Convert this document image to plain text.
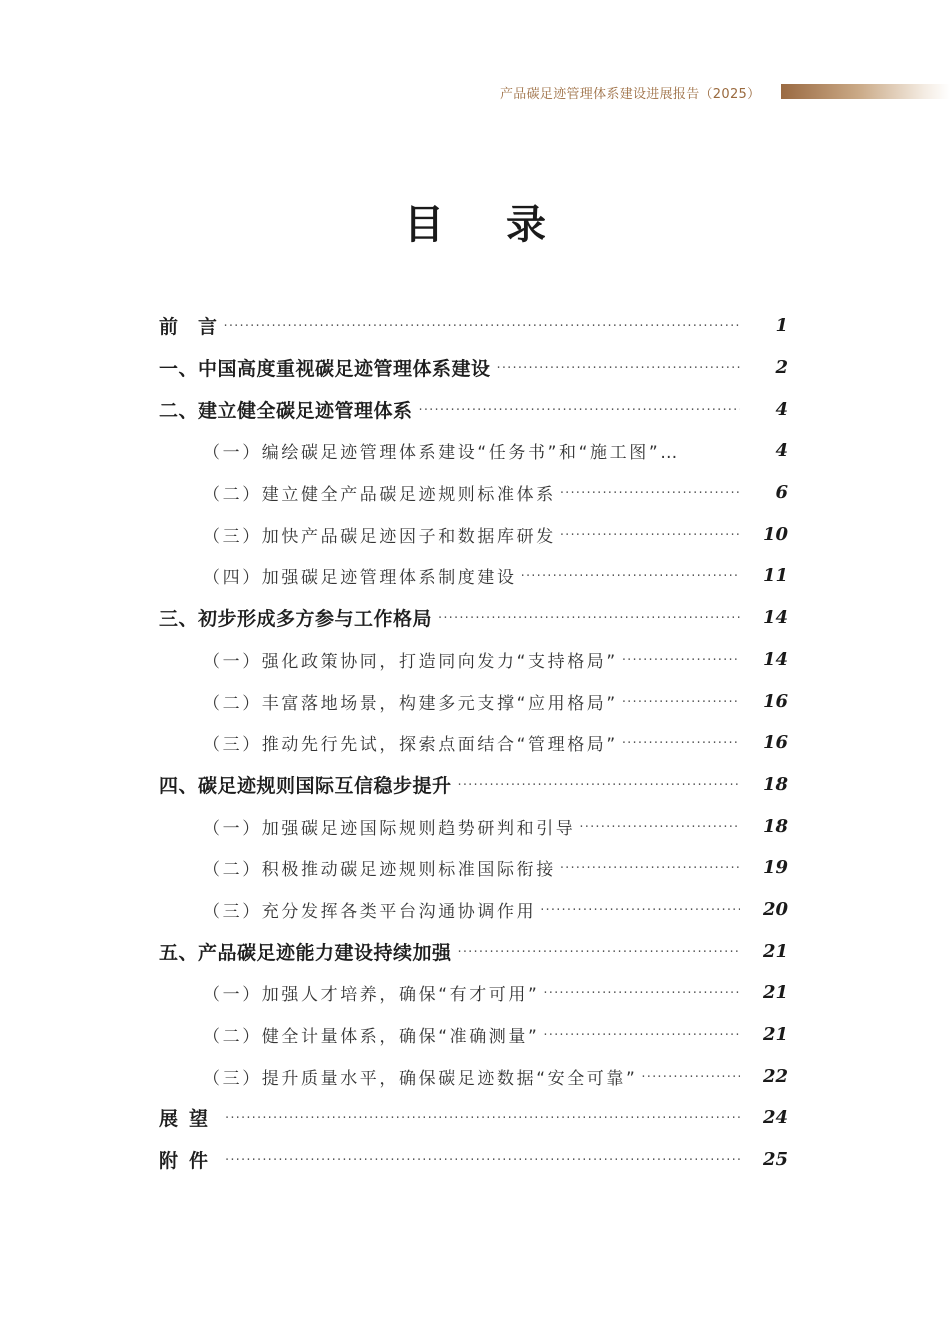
产品碳足迹管理体系建设进展报告（2025）
目 录
前　言 ·····	1
一、中国高度重视碳足迹管理体系建设 ·····	2
二、建立健全碳足迹管理体系 ·····	4
（一）编绘碳足迹管理体系建设“任务书”和“施工图”…	4
（二）建立健全产品碳足迹规则标准体系 ·····	6
（三）加快产品碳足迹因子和数据库研发 ·····	10
（四）加强碳足迹管理体系制度建设 ·····	11
三、初步形成多方参与工作格局 ·····	14
（一）强化政策协同，打造同向发力“支持格局” ·····	14
（二）丰富落地场景，构建多元支撑“应用格局” ·····	16
（三）推动先行先试，探索点面结合“管理格局” ·····	16
四、碳足迹规则国际互信稳步提升 ·····	18
（一）加强碳足迹国际规则趋势研判和引导 ·····	18
（二）积极推动碳足迹规则标准国际衔接 ·····	19
（三）充分发挥各类平台沟通协调作用 ·····	20
五、产品碳足迹能力建设持续加强 ·····	21
（一）加强人才培养，确保“有才可用” ·····	21
（二）健全计量体系，确保“准确测量” ·····	21
（三）提升质量水平，确保碳足迹数据“安全可靠” ·····	22
展望 ·····	24
附件 ·····	25
